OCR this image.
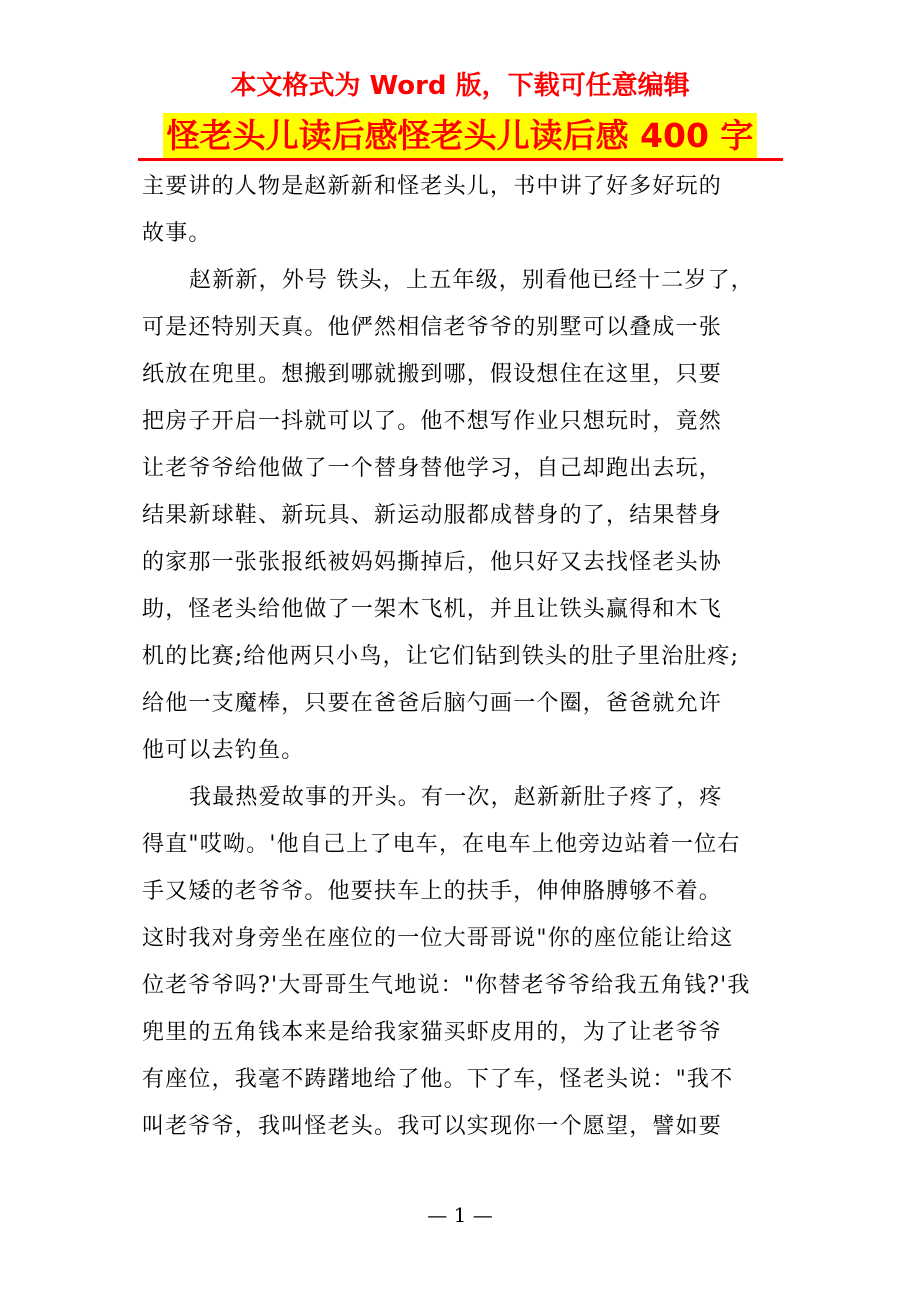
本文格式为 Word 版，下载可任意编辑
怪老头儿读后感怪老头儿读后感 400 字
主要讲的人物是赵新新和怪老头儿，书中讲了好多好玩的
故事。
赵新新，外号 铁头，上五年级，别看他已经十二岁了，
可是还特别天真。他俨然相信老爷爷的别墅可以叠成一张
纸放在兜里。想搬到哪就搬到哪，假设想住在这里，只要
把房子开启一抖就可以了。他不想写作业只想玩时，竟然
让老爷爷给他做了一个替身替他学习，自己却跑出去玩，
结果新球鞋、新玩具、新运动服都成替身的了，结果替身
的家那一张张报纸被妈妈撕掉后，他只好又去找怪老头协
助，怪老头给他做了一架木飞机，并且让铁头赢得和木飞
机的比赛;给他两只小鸟，让它们钻到铁头的肚子里治肚疼;
给他一支魔棒，只要在爸爸后脑勺画一个圈，爸爸就允许
他可以去钓鱼。
我最热爱故事的开头。有一次，赵新新肚子疼了，疼
得直"哎呦。'他自己上了电车，在电车上他旁边站着一位右
手又矮的老爷爷。他要扶车上的扶手，伸伸胳膊够不着。
这时我对身旁坐在座位的一位大哥哥说"你的座位能让给这
位老爷爷吗?'大哥哥生气地说："你替老爷爷给我五角钱?'我
兜里的五角钱本来是给我家猫买虾皮用的，为了让老爷爷
有座位，我毫不踌躇地给了他。下了车，怪老头说："我不
叫老爷爷，我叫怪老头。我可以实现你一个愿望，譬如要
— 1 —
